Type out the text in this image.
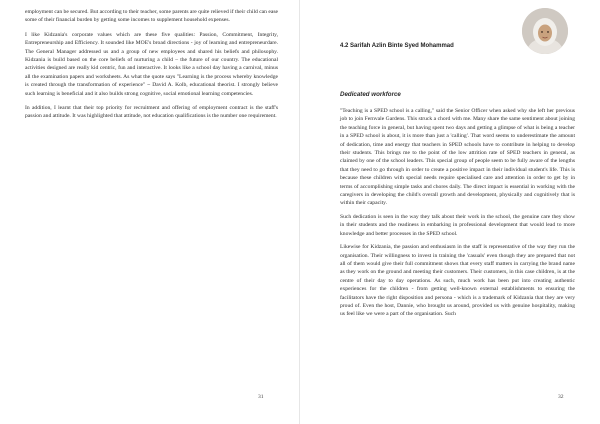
employment can be secured. But according to their teacher, some parents are quite relieved if their child can ease some of their financial burden by getting some incomes to supplement household expenses.

I like Kidzania's corporate values which are these five qualities: Passion, Commitment, Integrity, Entrepreneurship and Efficiency. It sounded like MOE's broad directions - joy of learning and entrepreneurdare. The General Manager addressed us and a group of new employees and shared his beliefs and philosophy. Kidzania is build based on the core beliefs of nurturing a child – the future of our country. The educational activities designed are really kid centric, fun and interactive. It looks like a school day having a carnival, minus all the examination papers and worksheets. As what the quote says "Learning is the process whereby knowledge is created through the transformation of experience" ~ David A. Kolb, educational theorist. I strongly believe such learning is beneficial and it also builds strong cognitive, social emotional learning competencies.

In addition, I learnt that their top priority for recruitment and offering of employment contract is the staff's passion and attitude. It was highlighted that attitude, not education qualifications is the number one requirement.

31
4.2 Sarifah Azlin Binte Syed Mohammad
Dedicated workforce

"Teaching is a SPED school is a calling," said the Senior Officer when asked why she left her previous job to join Fernvale Gardens. This struck a chord with me. Many share the same sentiment about joining the teaching force in general, but having spent two days and getting a glimpse of what is being a teacher in a SPED school is about, it is more than just a 'calling'. That word seems to underestimate the amount of dedication, time and energy that teachers in SPED schools have to contribute in helping to develop their students. This brings me to the point of the low attrition rate of SPED teachers in general, as claimed by one of the school leaders. This special group of people seem to be fully aware of the lengths that they need to go through in order to create a positive impact in their individual student's life. This is because these children with special needs require specialised care and attention in order to get by in terms of accomplishing simple tasks and chores daily. The direct impact is essential in working with the caregivers in developing the child's overall growth and development, physically and cognitively that is within their capacity.

Such dedication is seen in the way they talk about their work in the school, the genuine care they show in their students and the readiness in embarking in professional development that would lead to more knowledge and better processes in the SPED school.

Likewise for Kidzania, the passion and enthusiasm in the staff is representative of the way they run the organisation. Their willingness to invest in training the 'casuals' even though they are prepared that not all of them would give their full commitment shows that every staff matters in carrying the brand name as they work on the ground and meeting their customers. Their customers, in this case children, is at the centre of their day to day operations. As such, much work has been put into creating authentic experiences for the children - from getting well-known external establishments to ensuring the facilitators have the right disposition and persona - which is a trademark of Kidzania that they are very proud of. Even the host, Dannie, who brought us around, provided us with genuine hospitality, making us feel like we were a part of the organisation. Such

32
